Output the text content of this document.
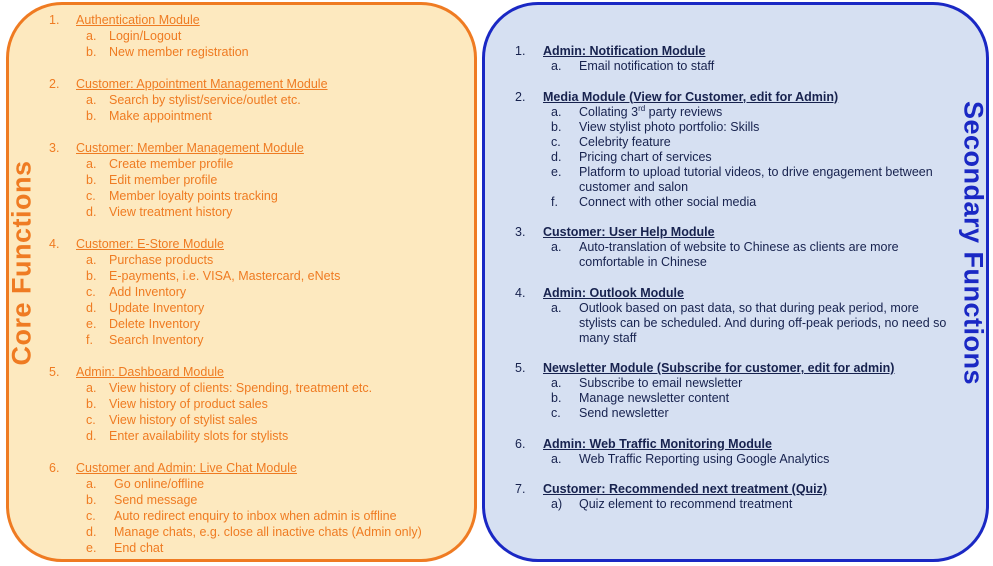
Core Functions	Secondary Functions
1. Authentication Module
a. Login/Logout
b. New member registration
2. Customer: Appointment Management Module
a. Search by stylist/service/outlet etc.
b. Make appointment
3. Customer: Member Management Module
a. Create member profile
b. Edit member profile
c. Member loyalty points tracking
d. View treatment history
4. Customer: E-Store Module
a. Purchase products
b. E-payments, i.e. VISA, Mastercard, eNets
c. Add Inventory
d. Update Inventory
e. Delete Inventory
f. Search Inventory
5. Admin: Dashboard Module
a. View history of clients: Spending, treatment etc.
b. View history of product sales
c. View history of stylist sales
d. Enter availability slots for stylists
6. Customer and Admin: Live Chat Module
a. Go online/offline
b. Send message
c. Auto redirect enquiry to inbox when admin is offline
d. Manage chats, e.g. close all inactive chats (Admin only)
e. End chat
1. Admin: Notification Module
a. Email notification to staff
2. Media Module (View for Customer, edit for Admin)
a. Collating 3rd party reviews
b. View stylist photo portfolio: Skills
c. Celebrity feature
d. Pricing chart of services
e. Platform to upload tutorial videos, to drive engagement between customer and salon
f. Connect with other social media
3. Customer: User Help Module
a. Auto-translation of website to Chinese as clients are more comfortable in Chinese
4. Admin: Outlook Module
a. Outlook based on past data, so that during peak period, more stylists can be scheduled. And during off-peak periods, no need so many staff
5. Newsletter Module (Subscribe for customer, edit for admin)
a. Subscribe to email newsletter
b. Manage newsletter content
c. Send newsletter
6. Admin: Web Traffic Monitoring Module
a. Web Traffic Reporting using Google Analytics
7. Customer: Recommended next treatment (Quiz)
a) Quiz element to recommend treatment
